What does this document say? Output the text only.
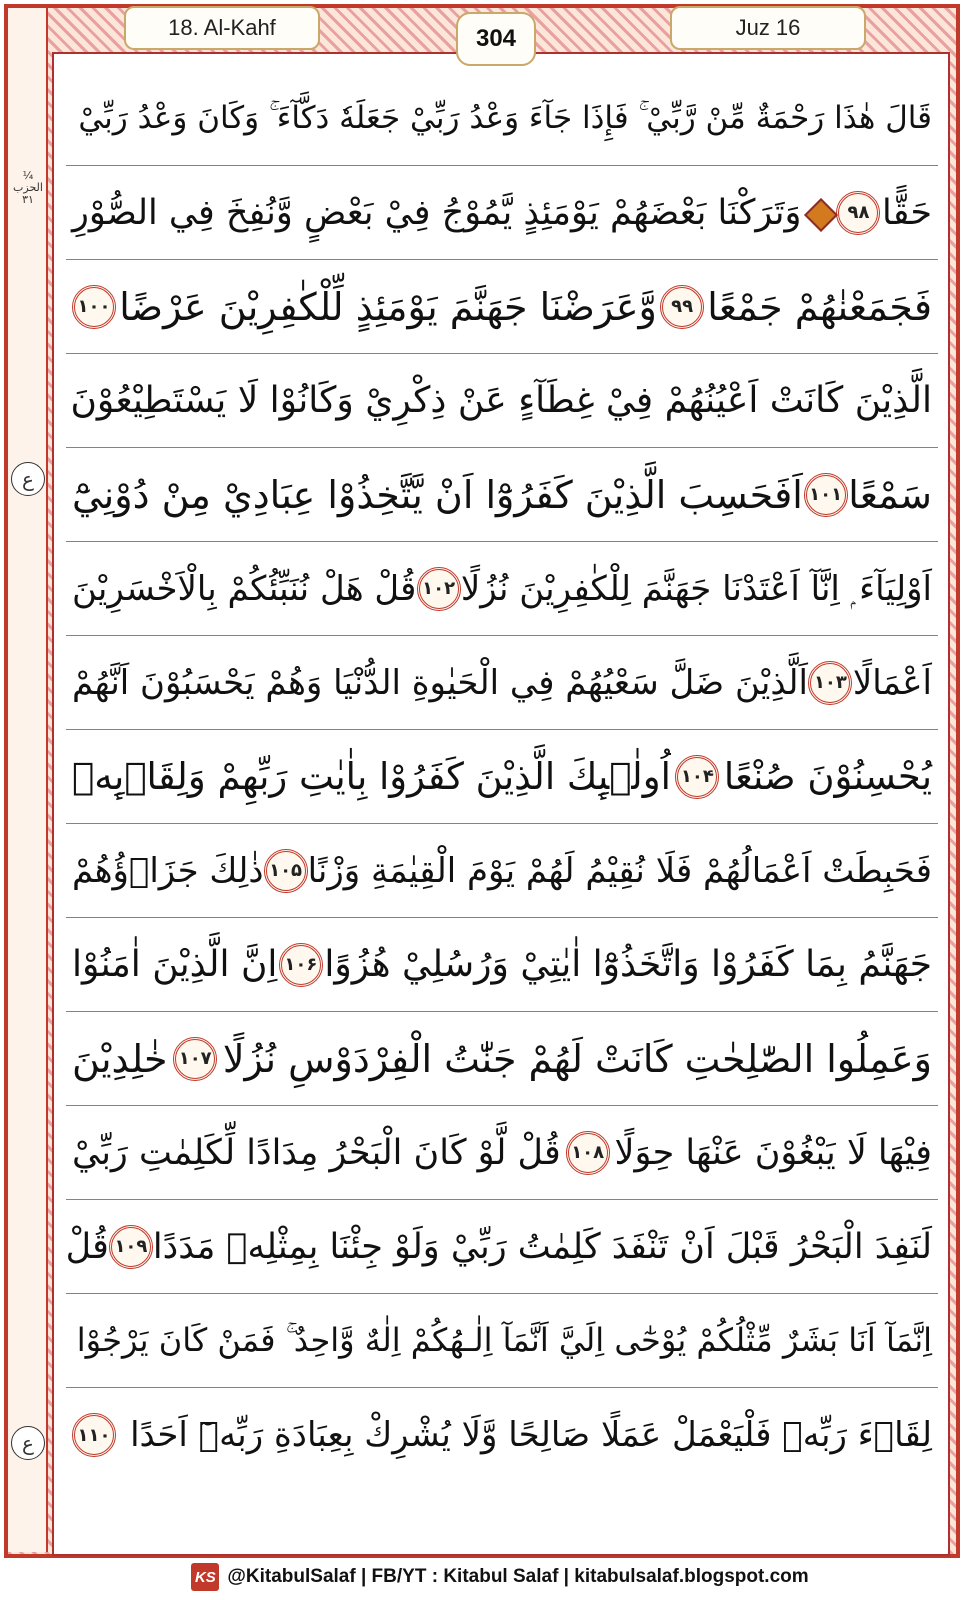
18. Al-Kahf	304	Juz 16
¼ الحزب ٣١
ع
ع
قَالَ هٰذَا رَحْمَةٌ مِّنْ رَّبِّيْ ۚ فَإِذَا جَآءَ وَعْدُ رَبِّيْ جَعَلَهٗ دَكَّآءَ ۚ وَكَانَ وَعْدُ رَبِّيْ
حَقًّا
۹۸
وَتَرَكْنَا بَعْضَهُمْ يَوْمَئِذٍ يَّمُوْجُ فِيْ بَعْضٍ وَّنُفِخَ فِي الصُّوْرِ
فَجَمَعْنٰهُمْ جَمْعًا
۹۹
وَّعَرَضْنَا جَهَنَّمَ يَوْمَئِذٍ لِّلْكٰفِرِيْنَ عَرْضًا
۱۰۰
الَّذِيْنَ كَانَتْ اَعْيُنُهُمْ فِيْ غِطَآءٍ عَنْ ذِكْرِيْ وَكَانُوْا لَا يَسْتَطِيْعُوْنَ
سَمْعًا
۱۰۱
اَفَحَسِبَ الَّذِيْنَ كَفَرُوْٓا اَنْ يَّتَّخِذُوْا عِبَادِيْ مِنْ دُوْنِيْٓ
اَوْلِيَآءَ ۭ اِنَّآ اَعْتَدْنَا جَهَنَّمَ لِلْكٰفِرِيْنَ نُزُلًا
۱۰۲
قُلْ هَلْ نُنَبِّئُكُمْ بِالْاَخْسَرِيْنَ
اَعْمَالًا
۱۰۳
اَلَّذِيْنَ ضَلَّ سَعْيُهُمْ فِي الْحَيٰوةِ الدُّنْيَا وَهُمْ يَحْسَبُوْنَ اَنَّهُمْ
يُحْسِنُوْنَ صُنْعًا
۱۰۴
اُولٰۗىِٕكَ الَّذِيْنَ كَفَرُوْا بِاٰيٰتِ رَبِّهِمْ وَلِقَاۗىِٕهٖ
فَحَبِطَتْ اَعْمَالُهُمْ فَلَا نُقِيْمُ لَهُمْ يَوْمَ الْقِيٰمَةِ وَزْنًا
۱۰۵
ذٰلِكَ جَزَاۗؤُهُمْ
جَهَنَّمُ بِمَا كَفَرُوْا وَاتَّخَذُوْٓا اٰيٰتِيْ وَرُسُلِيْ هُزُوًا
۱۰۶
اِنَّ الَّذِيْنَ اٰمَنُوْا
وَعَمِلُوا الصّٰلِحٰتِ كَانَتْ لَهُمْ جَنّٰتُ الْفِرْدَوْسِ نُزُلًا
۱۰۷
خٰلِدِيْنَ
فِيْهَا لَا يَبْغُوْنَ عَنْهَا حِوَلًا
۱۰۸
قُلْ لَّوْ كَانَ الْبَحْرُ مِدَادًا لِّكَلِمٰتِ رَبِّيْ
لَنَفِدَ الْبَحْرُ قَبْلَ اَنْ تَنْفَدَ كَلِمٰتُ رَبِّيْ وَلَوْ جِئْنَا بِمِثْلِهٖ مَدَدًا
۱۰۹
قُلْ
اِنَّمَآ اَنَا بَشَرٌ مِّثْلُكُمْ يُوْحٰٓى اِلَيَّ اَنَّمَآ اِلٰـهُكُمْ اِلٰهٌ وَّاحِدٌ ۚ فَمَنْ كَانَ يَرْجُوْا
لِقَاۗءَ رَبِّهٖ فَلْيَعْمَلْ عَمَلًا صَالِحًا وَّلَا يُشْرِكْ بِعِبَادَةِ رَبِّهٖٓ اَحَدًا
۱۱۰
KS @KitabulSalaf | FB/YT : Kitabul Salaf | kitabulsalaf.blogspot.com
